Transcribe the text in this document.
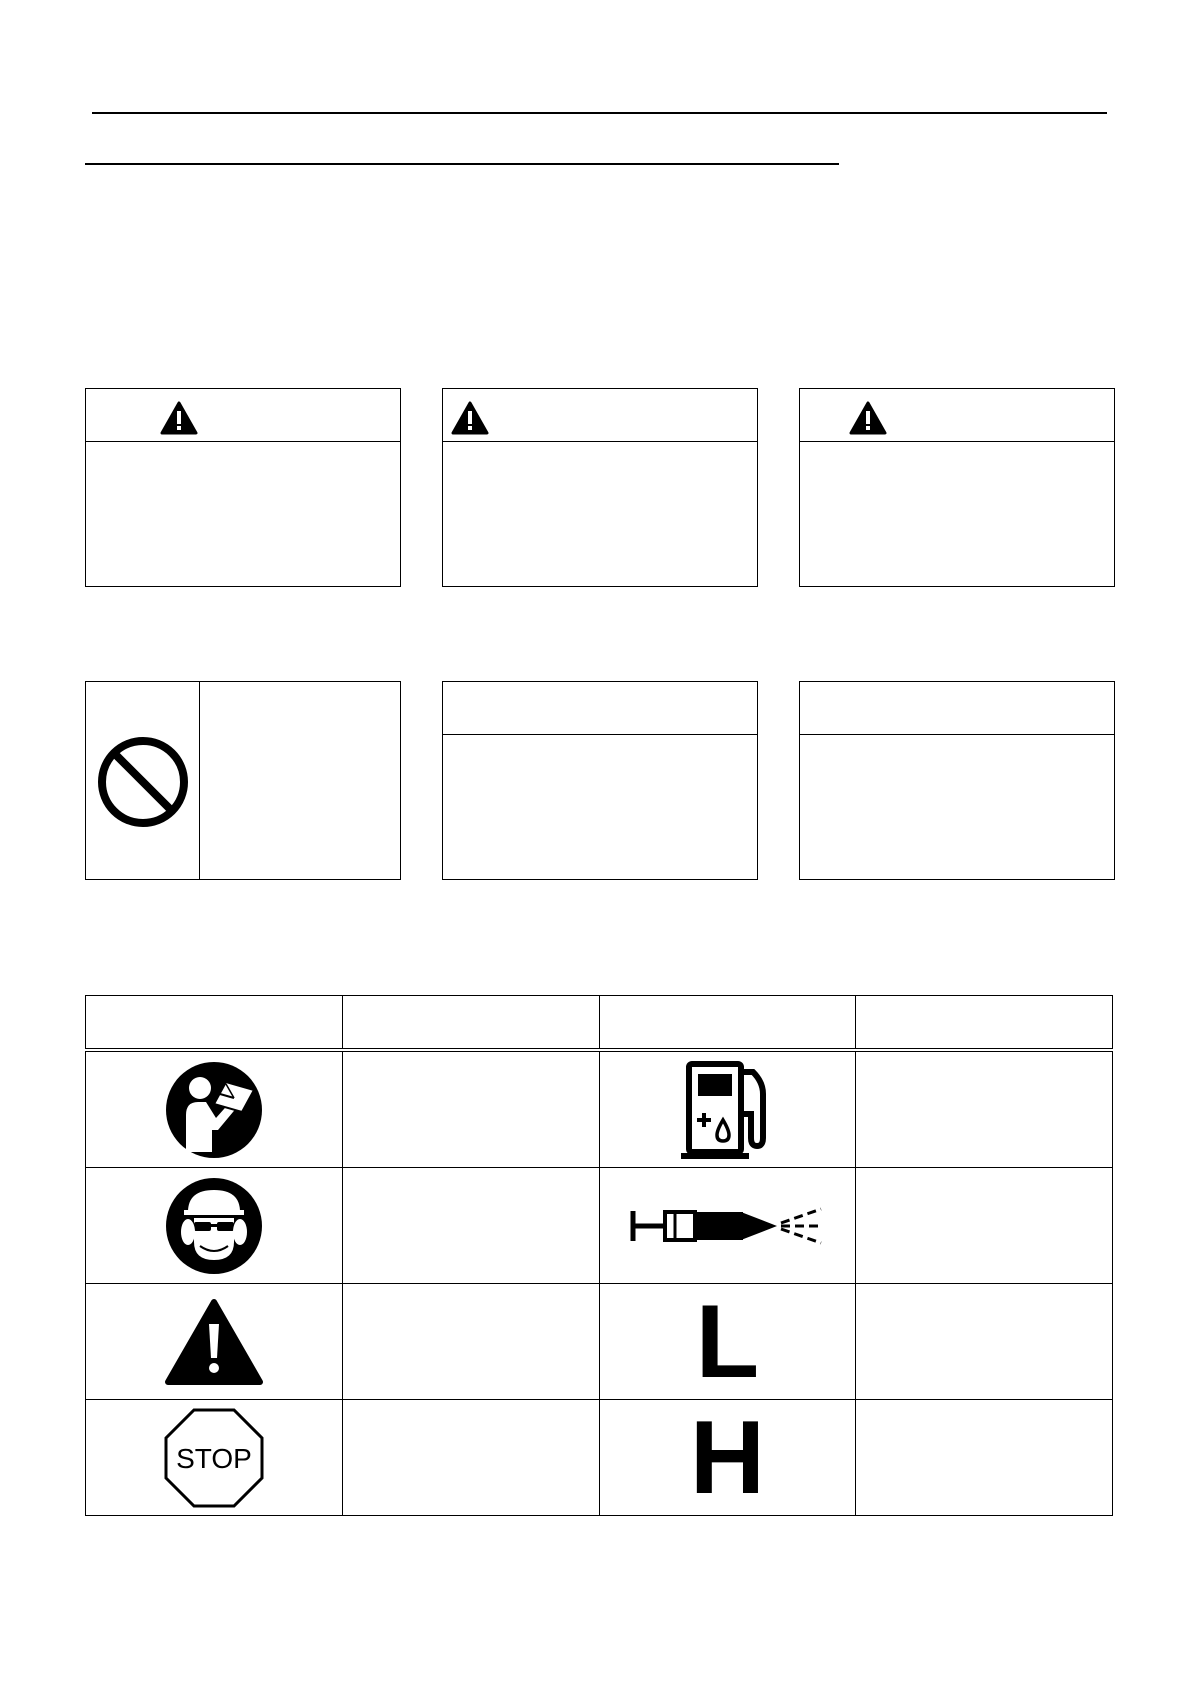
		L	

STOP		H	
